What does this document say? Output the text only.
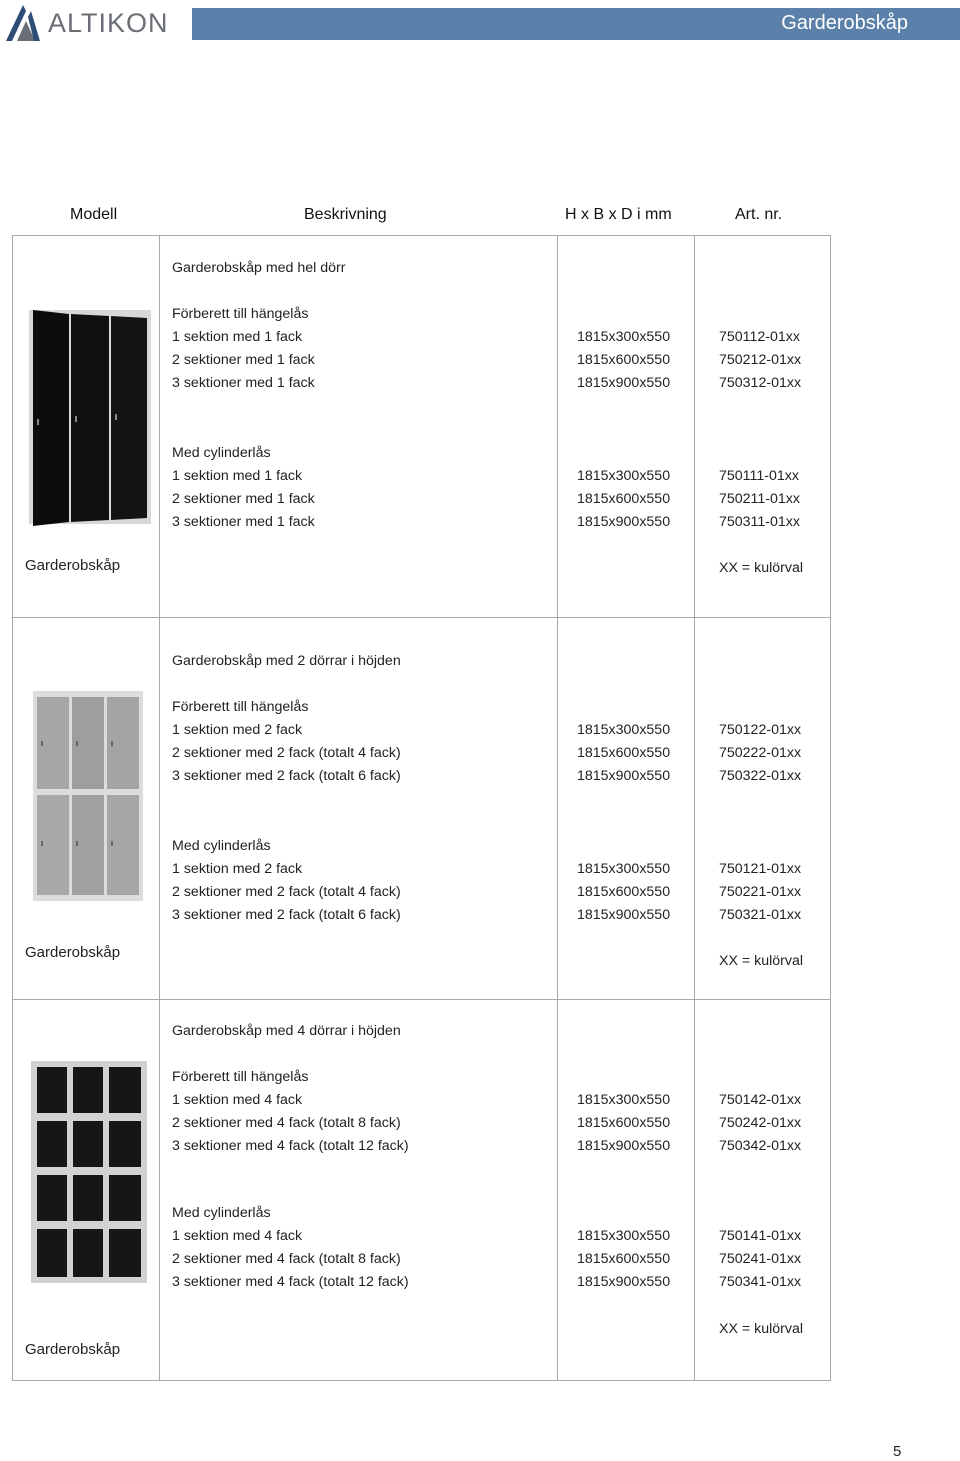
ALTIKON	Garderobskåp
Modell	Beskrivning	H x B x D i mm	Art. nr.
Garderobskåp med hel dörr
Förberett till hängelås
1 sektion med 1 fack	1815x300x550	750112-01xx
2 sektioner med 1 fack	1815x600x550	750212-01xx
3 sektioner med 1 fack	1815x900x550	750312-01xx
Med cylinderlås
1 sektion med 1 fack	1815x300x550	750111-01xx
2 sektioner med 1 fack	1815x600x550	750211-01xx
3 sektioner med 1 fack	1815x900x550	750311-01xx
Garderobskåp	XX = kulörval
Garderobskåp med 2 dörrar i höjden
Förberett till hängelås
1 sektion med 2 fack	1815x300x550	750122-01xx
2 sektioner med 2 fack (totalt 4 fack)	1815x600x550	750222-01xx
3 sektioner med 2 fack (totalt 6 fack)	1815x900x550	750322-01xx
Med cylinderlås
1 sektion med 2 fack	1815x300x550	750121-01xx
2 sektioner med 2 fack (totalt 4 fack)	1815x600x550	750221-01xx
3 sektioner med 2 fack (totalt 6 fack)	1815x900x550	750321-01xx
Garderobskåp	XX = kulörval
Garderobskåp med 4 dörrar i höjden
Förberett till hängelås
1 sektion med 4 fack	1815x300x550	750142-01xx
2 sektioner med 4 fack (totalt 8 fack)	1815x600x550	750242-01xx
3 sektioner med 4 fack (totalt 12 fack)	1815x900x550	750342-01xx
Med cylinderlås
1 sektion med 4 fack	1815x300x550	750141-01xx
2 sektioner med 4 fack (totalt 8 fack)	1815x600x550	750241-01xx
3 sektioner med 4 fack (totalt 12 fack)	1815x900x550	750341-01xx
Garderobskåp
XX = kulörval
5
